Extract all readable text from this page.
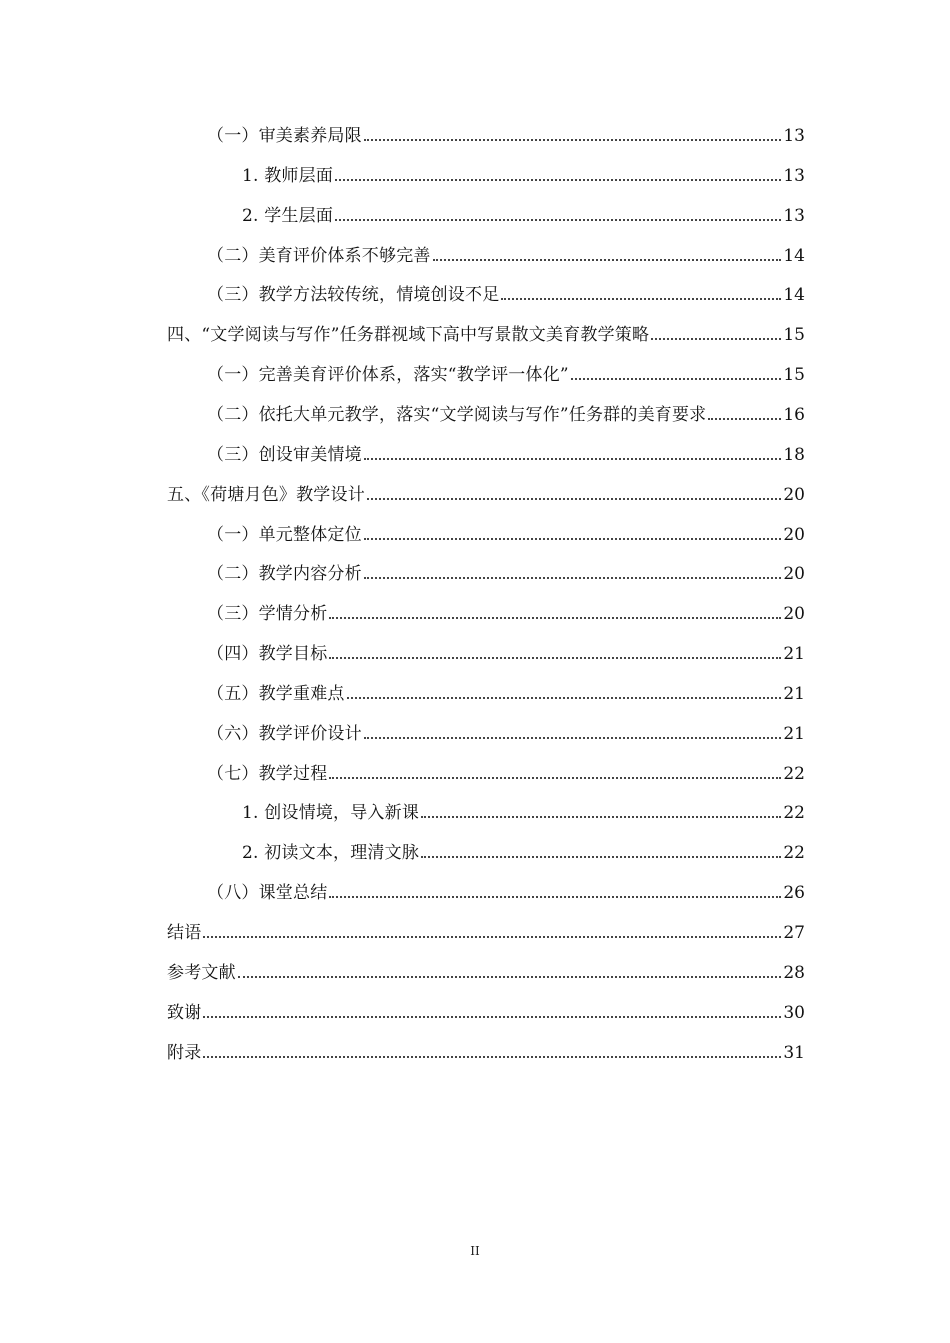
（一）审美素养局限	13
1. 教师层面	13
2. 学生层面	13
（二）美育评价体系不够完善	14
（三）教学方法较传统，情境创设不足	14
四、“文学阅读与写作”任务群视域下高中写景散文美育教学策略	15
（一）完善美育评价体系，落实“教学评一体化”	15
（二）依托大单元教学，落实“文学阅读与写作”任务群的美育要求	16
（三）创设审美情境	18
五、《荷塘月色》教学设计	20
（一）单元整体定位	20
（二）教学内容分析	20
（三）学情分析	20
（四）教学目标	21
（五）教学重难点	21
（六）教学评价设计	21
（七）教学过程	22
1. 创设情境，导入新课	22
2. 初读文本，理清文脉	22
（八）课堂总结	26
结语	27
参考文献	28
致谢	30
附录	31
II
